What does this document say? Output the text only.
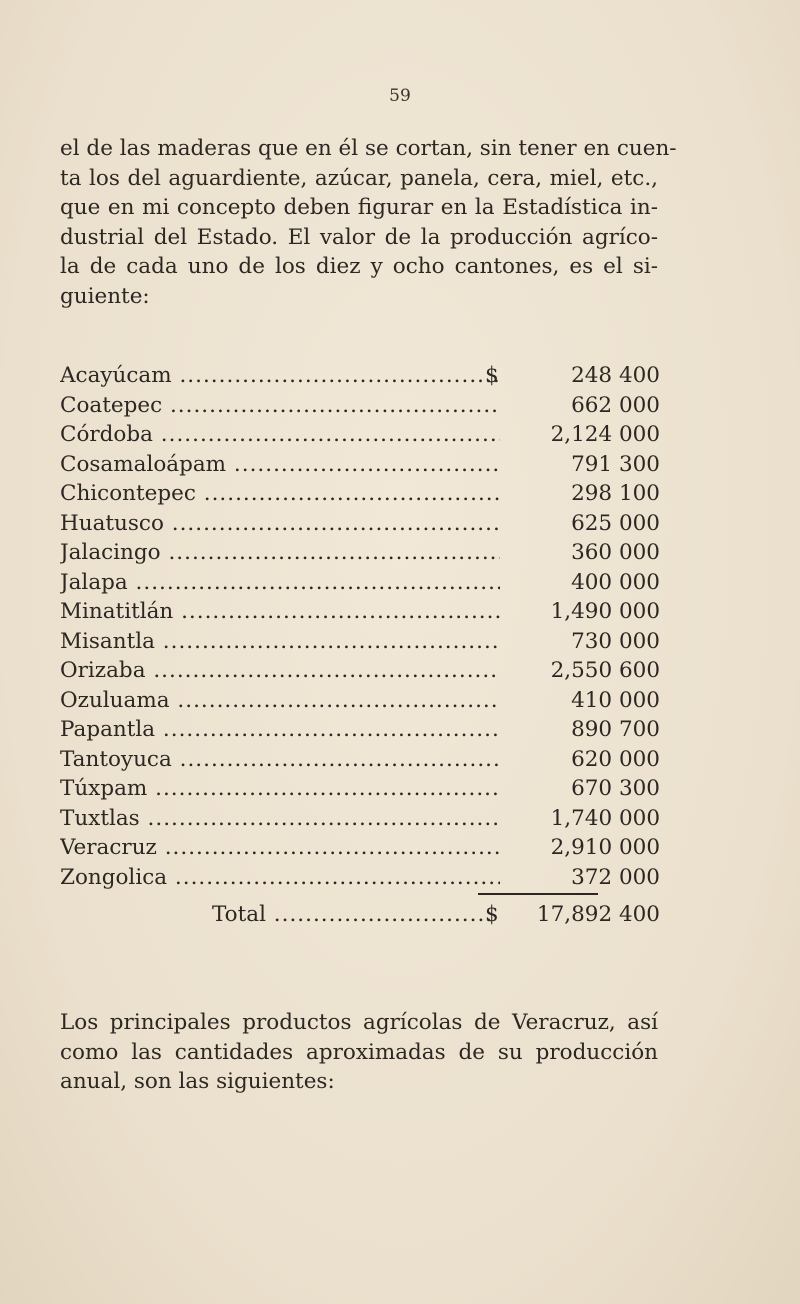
59
el de las maderas que en él se cortan, sin tener en cuen-
ta los del aguardiente, azúcar, panela, cera, miel, etc.,
que en mi concepto deben figurar en la Estadística in-
dustrial del Estado. El valor de la producción agríco-
la de cada uno de los diez y ocho cantones, es el si-
guiente:
Acayúcam .....	$	248 400
Coatepec .....	662 000
Córdoba .....	2,124 000
Cosamaloápam .....	791 300
Chicontepec .....	298 100
Huatusco .....	625 000
Jalacingo .....	360 000
Jalapa .....	400 000
Minatitlán .....	1,490 000
Misantla .....	730 000
Orizaba .....	2,550 600
Ozuluama .....	410 000
Papantla .....	890 700
Tantoyuca .....	620 000
Túxpam .....	670 300
Tuxtlas .....	1,740 000
Veracruz .....	2,910 000
Zongolica .....	372 000
Total .....	$ 17,892 400
Los principales productos agrícolas de Veracruz, así
como las cantidades aproximadas de su producción
anual, son las siguientes:
